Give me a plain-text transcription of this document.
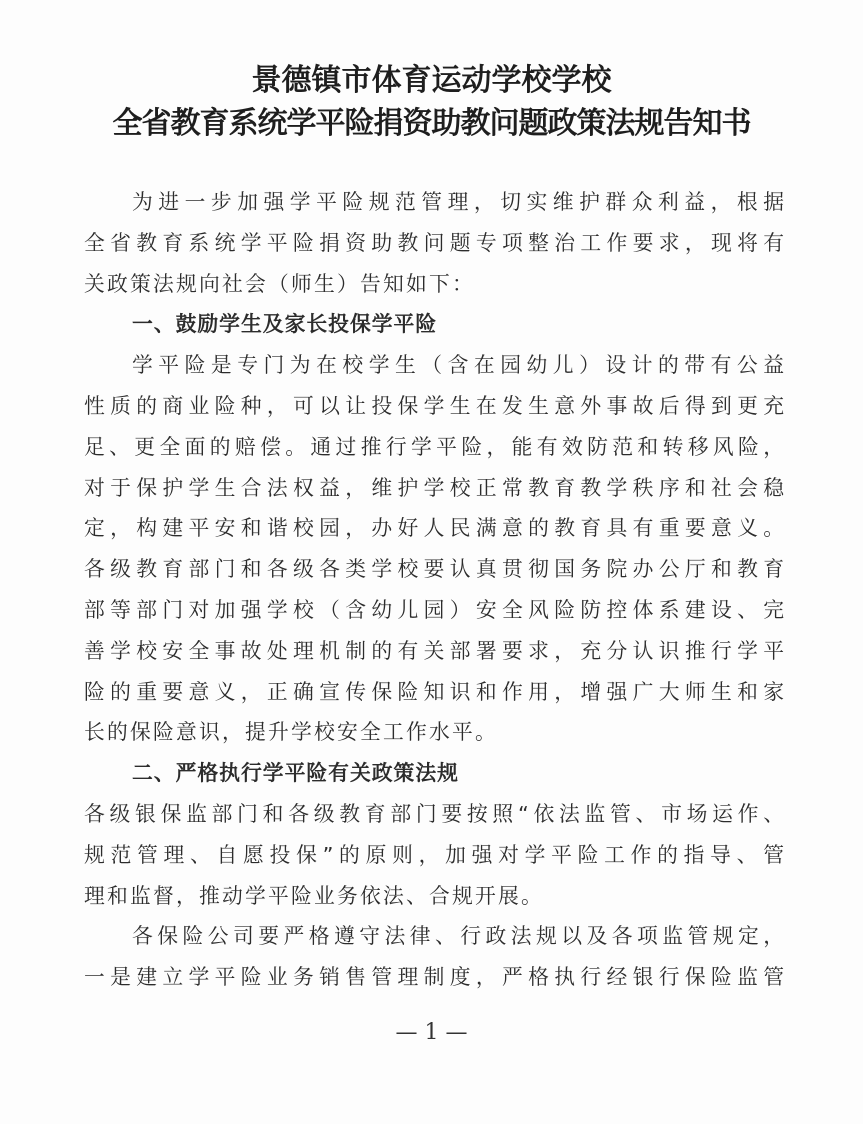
景德镇市体育运动学校学校
全省教育系统学平险捐资助教问题政策法规告知书
为进一步加强学平险规范管理，切实维护群众利益，根据
全省教育系统学平险捐资助教问题专项整治工作要求，现将有
关政策法规向社会（师生）告知如下：
一、鼓励学生及家长投保学平险
学平险是专门为在校学生（含在园幼儿）设计的带有公益
性质的商业险种，可以让投保学生在发生意外事故后得到更充
足、更全面的赔偿。通过推行学平险，能有效防范和转移风险，
对于保护学生合法权益，维护学校正常教育教学秩序和社会稳
定，构建平安和谐校园，办好人民满意的教育具有重要意义。
各级教育部门和各级各类学校要认真贯彻国务院办公厅和教育
部等部门对加强学校（含幼儿园）安全风险防控体系建设、完
善学校安全事故处理机制的有关部署要求，充分认识推行学平
险的重要意义，正确宣传保险知识和作用，增强广大师生和家
长的保险意识，提升学校安全工作水平。
二、严格执行学平险有关政策法规
各级银保监部门和各级教育部门要按照“依法监管、市场运作、
规范管理、自愿投保”的原则，加强对学平险工作的指导、管
理和监督，推动学平险业务依法、合规开展。
各保险公司要严格遵守法律、行政法规以及各项监管规定，
一是建立学平险业务销售管理制度，严格执行经银行保险监管
— 1 —
